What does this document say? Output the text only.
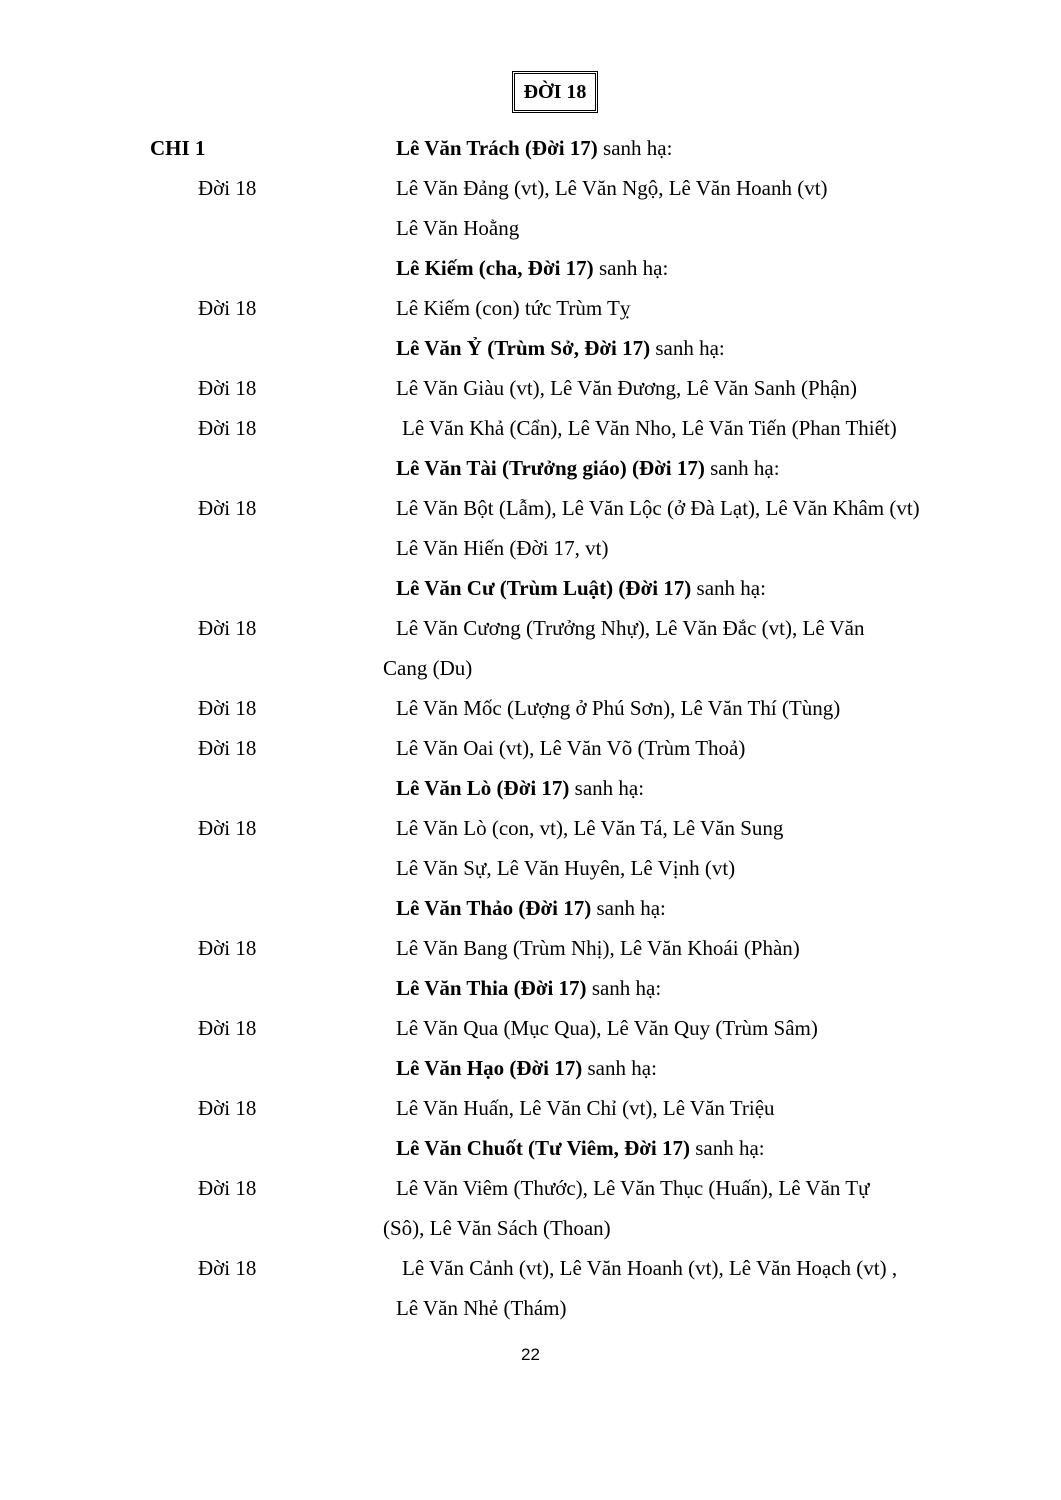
ĐỜI 18
CHI 1	Lê Văn Trách (Đời 17) sanh hạ:
Đời 18	Lê Văn Đảng (vt), Lê Văn Ngộ, Lê Văn Hoanh (vt)
Lê Văn Hoằng
Lê Kiếm (cha, Đời 17) sanh hạ:
Đời 18	Lê Kiếm (con) tức Trùm Tỵ
Lê Văn Ỷ (Trùm Sở, Đời 17) sanh hạ:
Đời 18	Lê Văn Giàu (vt), Lê Văn Đương, Lê Văn Sanh (Phận)
Đời 18	Lê Văn Khả (Cẩn), Lê Văn Nho, Lê Văn Tiến (Phan Thiết)
Lê Văn Tài (Trưởng giáo) (Đời 17) sanh hạ:
Đời 18	Lê Văn Bột (Lẫm), Lê Văn Lộc (ở Đà Lạt), Lê Văn Khâm (vt)
Lê Văn Hiến (Đời 17, vt)
Lê Văn Cư (Trùm Luật) (Đời 17) sanh hạ:
Đời 18	Lê Văn Cương (Trưởng Nhự), Lê Văn Đắc (vt), Lê Văn
Cang (Du)
Đời 18	Lê Văn Mốc (Lượng ở Phú Sơn), Lê Văn Thí (Tùng)
Đời 18	Lê Văn Oai (vt), Lê Văn Võ (Trùm Thoả)
Lê Văn Lò (Đời 17) sanh hạ:
Đời 18	Lê Văn Lò (con, vt), Lê Văn Tá, Lê Văn Sung
Lê Văn Sự, Lê Văn Huyên, Lê Vịnh (vt)
Lê Văn Thảo (Đời 17) sanh hạ:
Đời 18	Lê Văn Bang (Trùm Nhị), Lê Văn Khoái (Phàn)
Lê Văn Thia (Đời 17) sanh hạ:
Đời 18	Lê Văn Qua (Mục Qua), Lê Văn Quy (Trùm Sâm)
Lê Văn Hạo (Đời 17) sanh hạ:
Đời 18	Lê Văn Huấn, Lê Văn Chỉ (vt), Lê Văn Triệu
Lê Văn Chuốt (Tư Viêm, Đời 17) sanh hạ:
Đời 18	Lê Văn Viêm (Thước), Lê Văn Thục (Huấn), Lê Văn Tự
(Sô), Lê Văn Sách (Thoan)
Đời 18	Lê Văn Cảnh (vt), Lê Văn Hoanh (vt), Lê Văn Hoạch (vt) ,
Lê Văn Nhẻ (Thám)
22
